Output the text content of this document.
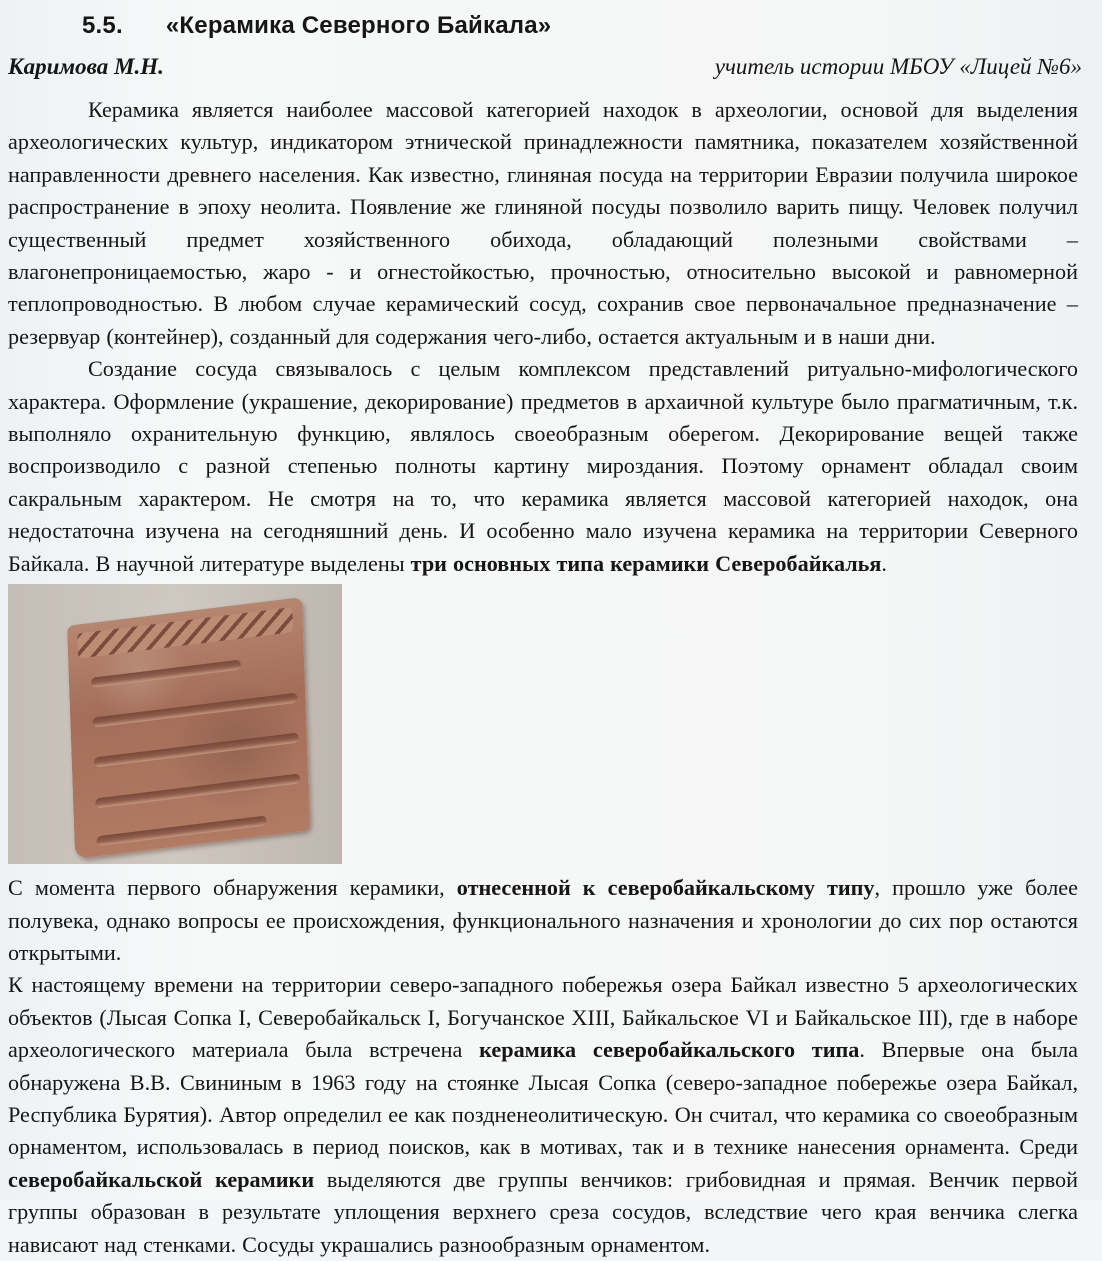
5.5. «Керамика Северного Байкала»
Каримова М.Н.	учитель истории МБОУ «Лицей №6»

Керамика является наиболее массовой категорией находок в археологии, основой для выделения археологических культур, индикатором этнической принадлежности памятника, показателем хозяйственной направленности древнего населения. Как известно, глиняная посуда на территории Евразии получила широкое распространение в эпоху неолита. Появление же глиняной посуды позволило варить пищу. Человек получил существенный предмет хозяйственного обихода, обладающий полезными свойствами – влагонепроницаемостью, жаро - и огнестойкостью, прочностью, относительно высокой и равномерной теплопроводностью. В любом случае керамический сосуд, сохранив свое первоначальное предназначение – резервуар (контейнер), созданный для содержания чего-либо, остается актуальным и в наши дни.

Создание сосуда связывалось с целым комплексом представлений ритуально-мифологического характера. Оформление (украшение, декорирование) предметов в архаичной культуре было прагматичным, т.к. выполняло охранительную функцию, являлось своеобразным оберегом. Декорирование вещей также воспроизводило с разной степенью полноты картину мироздания. Поэтому орнамент обладал своим сакральным характером. Не смотря на то, что керамика является массовой категорией находок, она недостаточна изучена на сегодняшний день. И особенно мало изучена керамика на территории Северного Байкала. В научной литературе выделены три основных типа керамики Северобайкалья.

С момента первого обнаружения керамики, отнесенной к северобайкальскому типу, прошло уже более полувека, однако вопросы ее происхождения, функционального назначения и хронологии до сих пор остаются открытыми.

К настоящему времени на территории северо-западного побережья озера Байкал известно 5 археологических объектов (Лысая Сопка I, Северобайкальск I, Богучанское XIII, Байкальское VI и Байкальское III), где в наборе археологического материала была встречена керамика северобайкальского типа. Впервые она была обнаружена В.В. Свининым в 1963 году на стоянке Лысая Сопка (северо-западное побережье озера Байкал, Республика Бурятия). Автор определил ее как поздненеолитическую. Он считал, что керамика со своеобразным орнаментом, использовалась в период поисков, как в мотивах, так и в технике нанесения орнамента. Среди северобайкальской керамики выделяются две группы венчиков: грибовидная и прямая. Венчик первой группы образован в результате уплощения верхнего среза сосудов, вследствие чего края венчика слегка нависают над стенками. Сосуды украшались разнообразным орнаментом.
